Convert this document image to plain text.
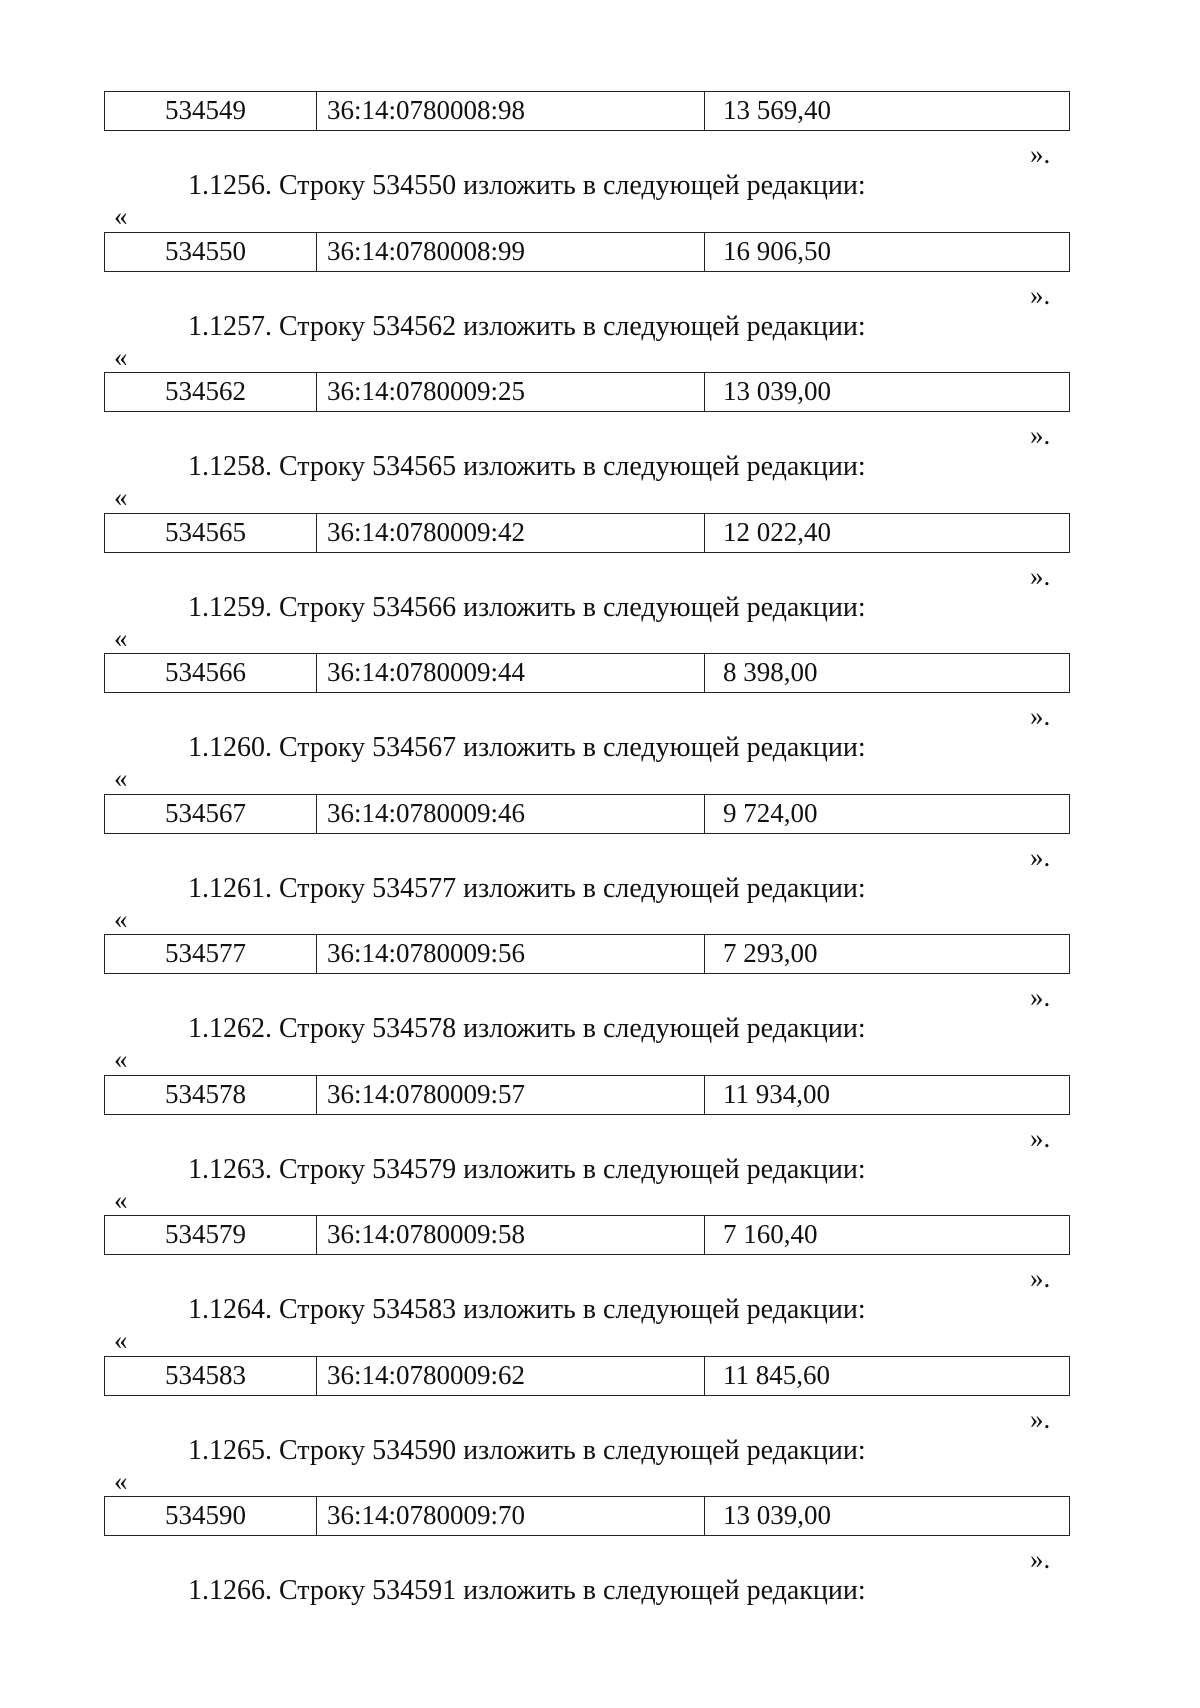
534549	36:14:0780008:98	13 569,40
».
1.1256. Строку 534550 изложить в следующей редакции:
«
534550	36:14:0780008:99	16 906,50
».
1.1257. Строку 534562 изложить в следующей редакции:
«
534562	36:14:0780009:25	13 039,00
».
1.1258. Строку 534565 изложить в следующей редакции:
«
534565	36:14:0780009:42	12 022,40
».
1.1259. Строку 534566 изложить в следующей редакции:
«
534566	36:14:0780009:44	8 398,00
».
1.1260. Строку 534567 изложить в следующей редакции:
«
534567	36:14:0780009:46	9 724,00
».
1.1261. Строку 534577 изложить в следующей редакции:
«
534577	36:14:0780009:56	7 293,00
».
1.1262. Строку 534578 изложить в следующей редакции:
«
534578	36:14:0780009:57	11 934,00
».
1.1263. Строку 534579 изложить в следующей редакции:
«
534579	36:14:0780009:58	7 160,40
».
1.1264. Строку 534583 изложить в следующей редакции:
«
534583	36:14:0780009:62	11 845,60
».
1.1265. Строку 534590 изложить в следующей редакции:
«
534590	36:14:0780009:70	13 039,00
».
1.1266. Строку 534591 изложить в следующей редакции:
